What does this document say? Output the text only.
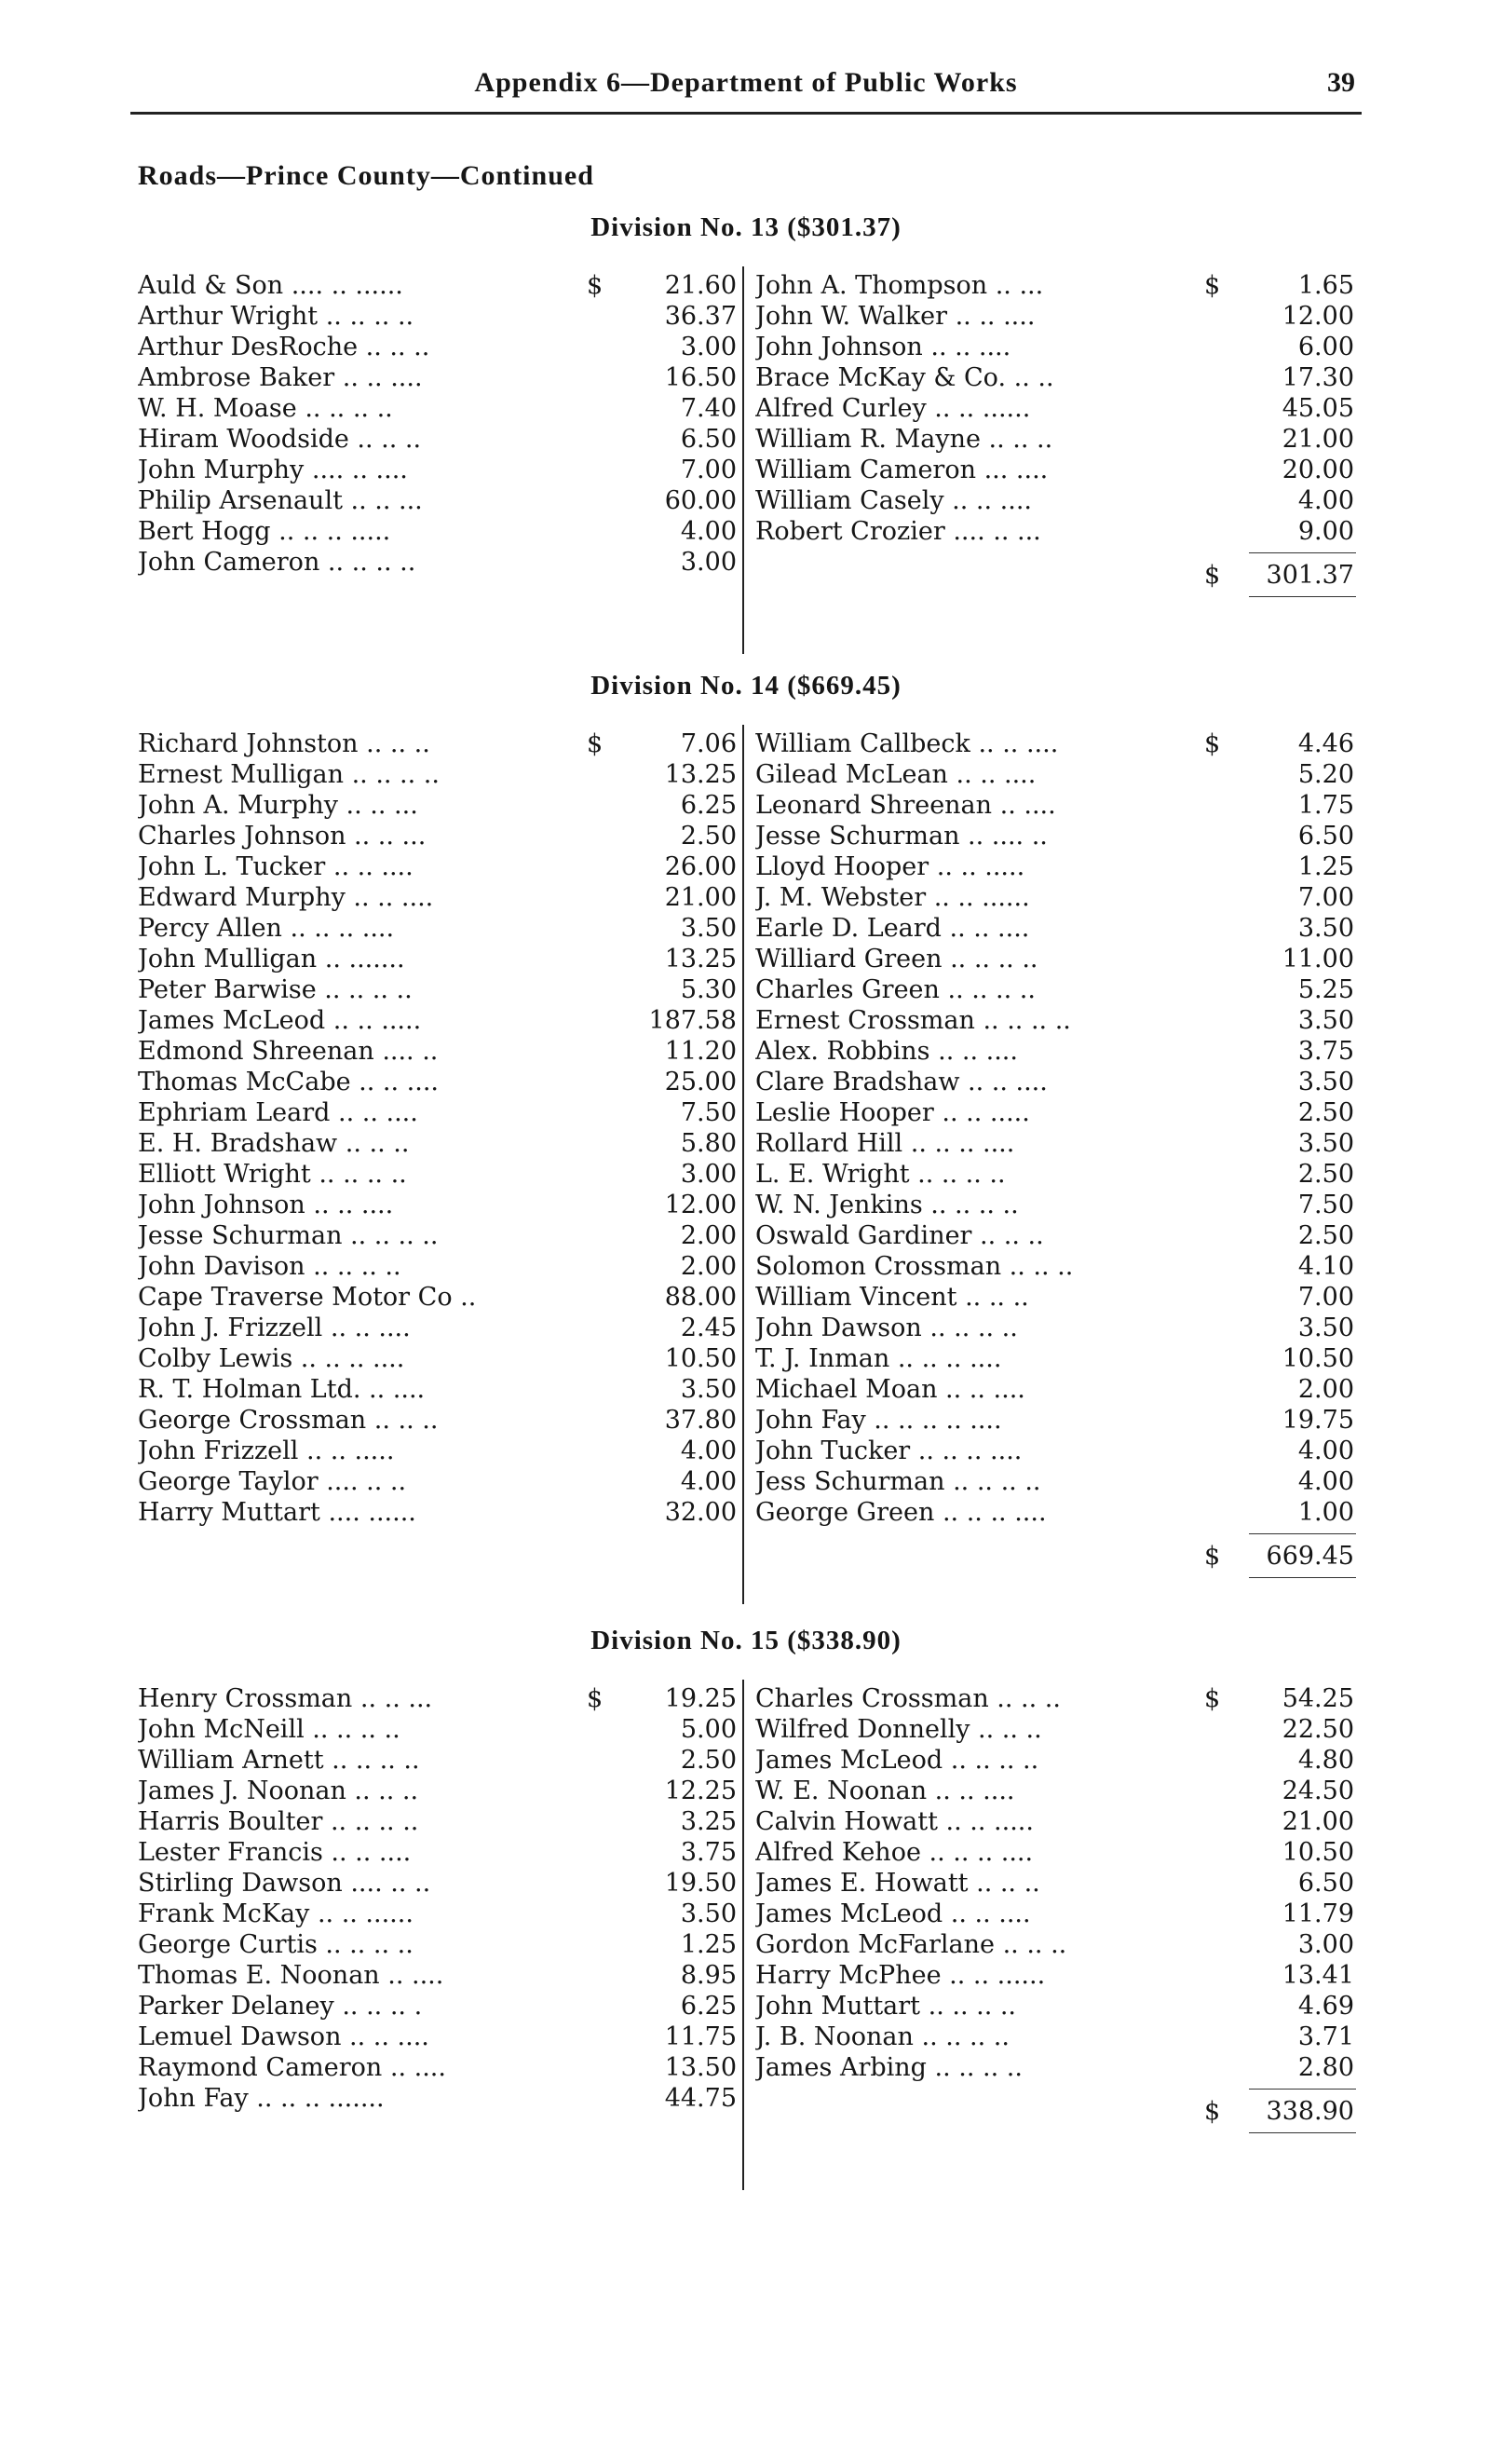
Appendix 6—Department of Public Works	39
Roads—Prince County—Continued
Division No. 13 ($301.37)
Auld & Son .... .. ......	$	21.60
Arthur Wright .. .. .. ..	36.37
Arthur DesRoche .. .. ..	3.00
Ambrose Baker .. .. ....	16.50
W. H. Moase .. .. .. ..	7.40
Hiram Woodside .. .. ..	6.50
John Murphy .... .. ....	7.00
Philip Arsenault .. .. ...	60.00
Bert Hogg .. .. .. .....	4.00
John Cameron .. .. .. ..	3.00
John A. Thompson .. ...	$	1.65
John W. Walker .. .. ....	12.00
John Johnson .. .. ....	6.00
Brace McKay & Co. .. ..	17.30
Alfred Curley .. .. ......	45.05
William R. Mayne .. .. ..	21.00
William Cameron ... ....	20.00
William Casely .. .. ....	4.00
Robert Crozier .... .. ...	9.00
$ 301.37
Division No. 14 ($669.45)
Richard Johnston .. .. ..	$	7.06
Ernest Mulligan .. .. .. ..	13.25
John A. Murphy .. .. ...	6.25
Charles Johnson .. .. ...	2.50
John L. Tucker .. .. ....	26.00
Edward Murphy .. .. ....	21.00
Percy Allen .. .. .. ....	3.50
John Mulligan .. .......	13.25
Peter Barwise .. .. .. ..	5.30
James McLeod .. .. .....	187.58
Edmond Shreenan .... ..	11.20
Thomas McCabe .. .. ....	25.00
Ephriam Leard .. .. ....	7.50
E. H. Bradshaw .. .. ..	5.80
Elliott Wright .. .. .. ..	3.00
John Johnson .. .. ....	12.00
Jesse Schurman .. .. .. ..	2.00
John Davison .. .. .. ..	2.00
Cape Traverse Motor Co ..	88.00
John J. Frizzell .. .. ....	2.45
Colby Lewis .. .. .. ....	10.50
R. T. Holman Ltd. .. ....	3.50
George Crossman .. .. ..	37.80
John Frizzell .. .. .....	4.00
George Taylor .... .. ..	4.00
Harry Muttart .... ......	32.00
William Callbeck .. .. ....	$	4.46
Gilead McLean .. .. ....	5.20
Leonard Shreenan .. ....	1.75
Jesse Schurman .. .... ..	6.50
Lloyd Hooper .. .. .....	1.25
J. M. Webster .. .. ......	7.00
Earle D. Leard .. .. ....	3.50
Williard Green .. .. .. ..	11.00
Charles Green .. .. .. ..	5.25
Ernest Crossman .. .. .. ..	3.50
Alex. Robbins .. .. ....	3.75
Clare Bradshaw .. .. ....	3.50
Leslie Hooper .. .. .....	2.50
Rollard Hill .. .. .. ....	3.50
L. E. Wright .. .. .. ..	2.50
W. N. Jenkins .. .. .. ..	7.50
Oswald Gardiner .. .. ..	2.50
Solomon Crossman .. .. ..	4.10
William Vincent .. .. ..	7.00
John Dawson .. .. .. ..	3.50
T. J. Inman .. .. .. ....	10.50
Michael Moan .. .. ....	2.00
John Fay .. .. .. .. ....	19.75
John Tucker .. .. .. ....	4.00
Jess Schurman .. .. .. ..	4.00
George Green .. .. .. ....	1.00
$ 669.45
Division No. 15 ($338.90)
Henry Crossman .. .. ...	$	19.25
John McNeill .. .. .. ..	5.00
William Arnett .. .. .. ..	2.50
James J. Noonan .. .. ..	12.25
Harris Boulter .. .. .. ..	3.25
Lester Francis .. .. ....	3.75
Stirling Dawson .... .. ..	19.50
Frank McKay .. .. ......	3.50
George Curtis .. .. .. ..	1.25
Thomas E. Noonan .. ....	8.95
Parker Delaney .. .. .. .	6.25
Lemuel Dawson .. .. ....	11.75
Raymond Cameron .. ....	13.50
John Fay .. .. .. .......	44.75
Charles Crossman .. .. ..	$	54.25
Wilfred Donnelly .. .. ..	22.50
James McLeod .. .. .. ..	4.80
W. E. Noonan .. .. ....	24.50
Calvin Howatt .. .. .....	21.00
Alfred Kehoe .. .. .. ....	10.50
James E. Howatt .. .. ..	6.50
James McLeod .. .. ....	11.79
Gordon McFarlane .. .. ..	3.00
Harry McPhee .. .. ......	13.41
John Muttart .. .. .. ..	4.69
J. B. Noonan .. .. .. ..	3.71
James Arbing .. .. .. ..	2.80
$ 338.90
